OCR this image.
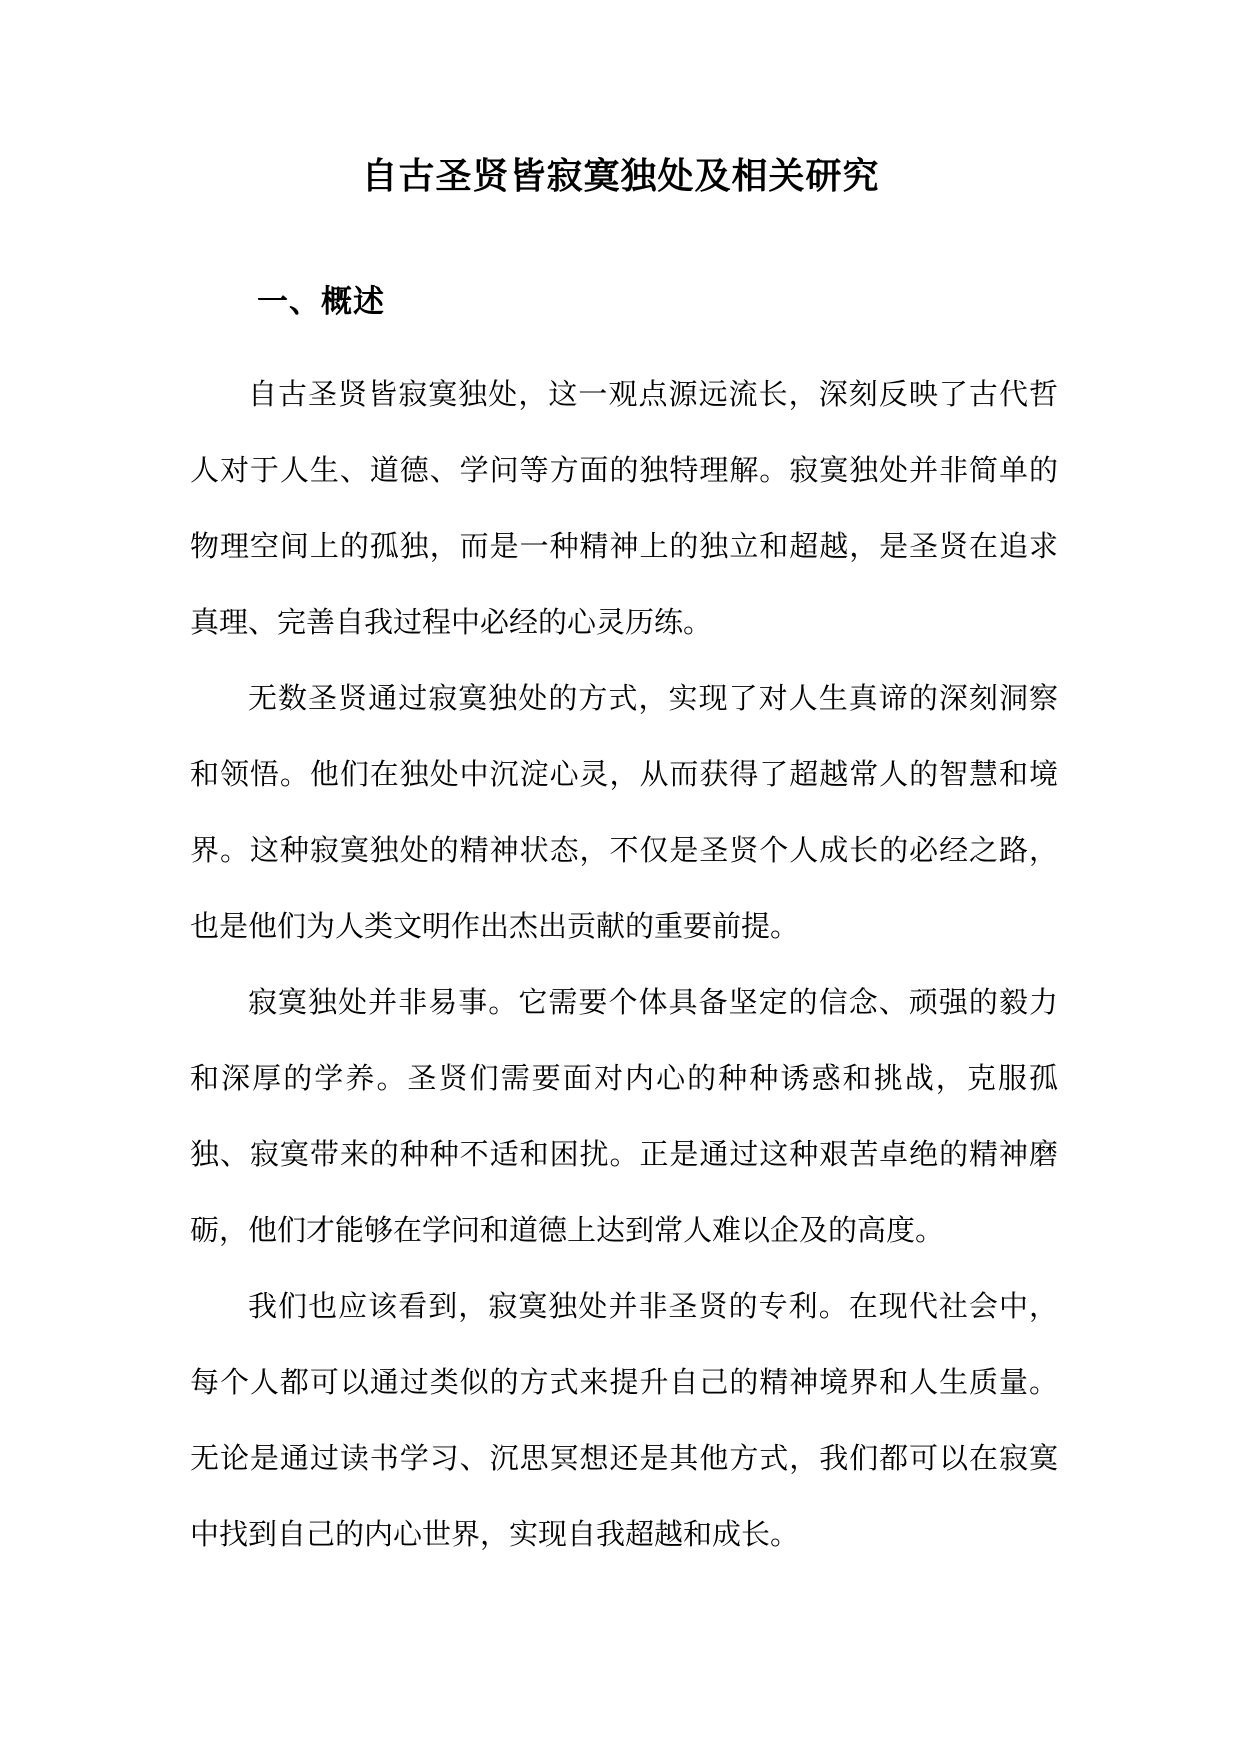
自古圣贤皆寂寞独处及相关研究
一、概述

自古圣贤皆寂寞独处，这一观点源远流长，深刻反映了古代哲人对于人生、道德、学问等方面的独特理解。寂寞独处并非简单的物理空间上的孤独，而是一种精神上的独立和超越，是圣贤在追求真理、完善自我过程中必经的心灵历练。

无数圣贤通过寂寞独处的方式，实现了对人生真谛的深刻洞察和领悟。他们在独处中沉淀心灵，从而获得了超越常人的智慧和境界。这种寂寞独处的精神状态，不仅是圣贤个人成长的必经之路，也是他们为人类文明作出杰出贡献的重要前提。

寂寞独处并非易事。它需要个体具备坚定的信念、顽强的毅力和深厚的学养。圣贤们需要面对内心的种种诱惑和挑战，克服孤独、寂寞带来的种种不适和困扰。正是通过这种艰苦卓绝的精神磨砺，他们才能够在学问和道德上达到常人难以企及的高度。

我们也应该看到，寂寞独处并非圣贤的专利。在现代社会中，每个人都可以通过类似的方式来提升自己的精神境界和人生质量。无论是通过读书学习、沉思冥想还是其他方式，我们都可以在寂寞中找到自己的内心世界，实现自我超越和成长。
